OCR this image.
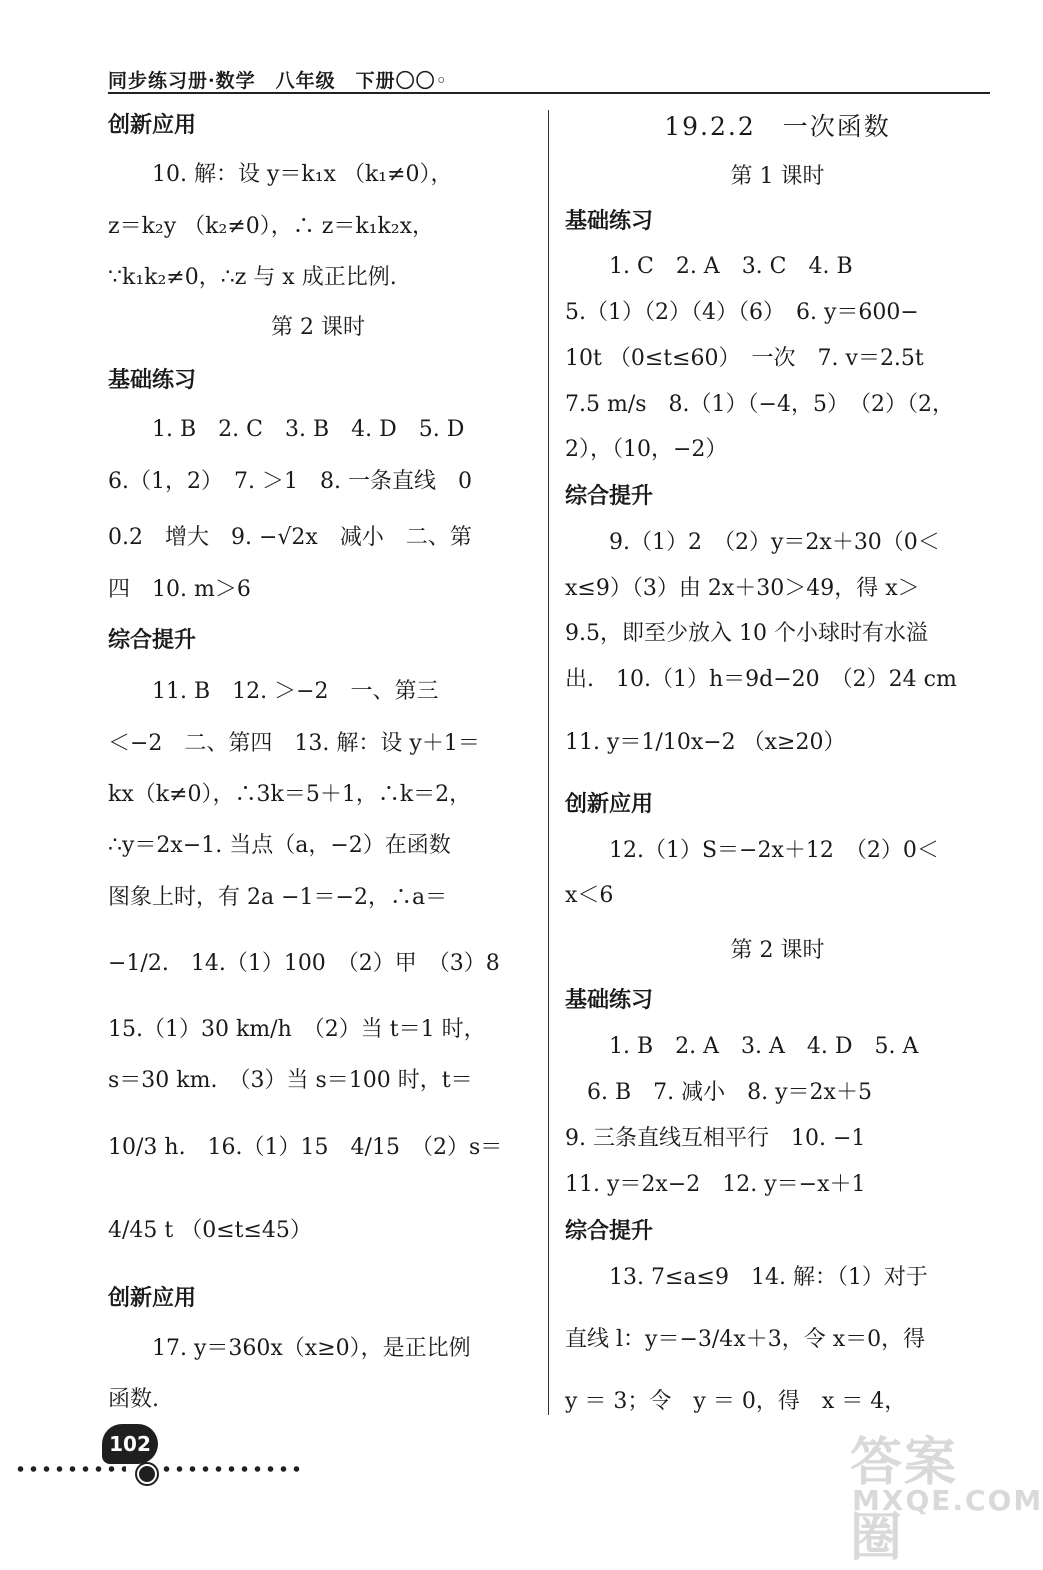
同步练习册·数学　八年级　下册〇〇◦
创新应用
　　10. 解：设 y＝k₁x （k₁≠0），
z＝k₂y （k₂≠0），∴ z＝k₁k₂x，
∵k₁k₂≠0，∴z 与 x 成正比例.
第 2 课时
基础练习
　　1. B　2. C　3. B　4. D　5. D
6.（1，2）　7. ＞1　8. 一条直线　0
0.2　增大　9. −√2x　减小　二、第
四　10. m＞6
综合提升
　　11. B　12. ＞−2　一、第三
＜−2　二、第四　13. 解：设 y＋1＝
kx（k≠0），∴3k＝5＋1，∴k＝2，
∴y＝2x−1. 当点（a，−2）在函数
图象上时，有 2a −1＝−2，∴a＝
−1/2.　14.（1）100　（2）甲　（3）8
15.（1）30 km/h　（2）当 t＝1 时，
s＝30 km.　（3）当 s＝100 时，t＝
10/3 h.　16.（1）15　4/15　（2）s＝
4/45 t （0≤t≤45）
创新应用
　　17. y＝360x（x≥0），是正比例
函数.
19.2.2　一次函数
第 1 课时
基础练习
　　1. C　2. A　3. C　4. B
5.（1）（2）（4）（6）　6. y＝600−
10t （0≤t≤60）　一次　7. v＝2.5t
7.5 m/s　8.（1）（−4，5）　（2）（2，
2），（10，−2）
综合提升
　　9.（1）2　（2）y＝2x＋30（0＜
x≤9）（3）由 2x＋30＞49，得 x＞
9.5，即至少放入 10 个小球时有水溢
出.　10.（1）h＝9d−20　（2）24 cm
11. y＝1/10x−2 （x≥20）
创新应用
　　12.（1）S＝−2x＋12　（2）0＜
x＜6
第 2 课时
基础练习
　　1. B　2. A　3. A　4. D　5. A
　6. B　7. 减小　8. y＝2x＋5
9. 三条直线互相平行　10. −1
11. y＝2x−2　12. y＝−x＋1
综合提升
　　13. 7≤a≤9　14. 解：（1）对于
直线 l：y＝−3/4x＋3，令 x＝0，得
y ＝ 3；令　y ＝ 0，得　x ＝ 4，
102	答案圈
MXQE.COM
